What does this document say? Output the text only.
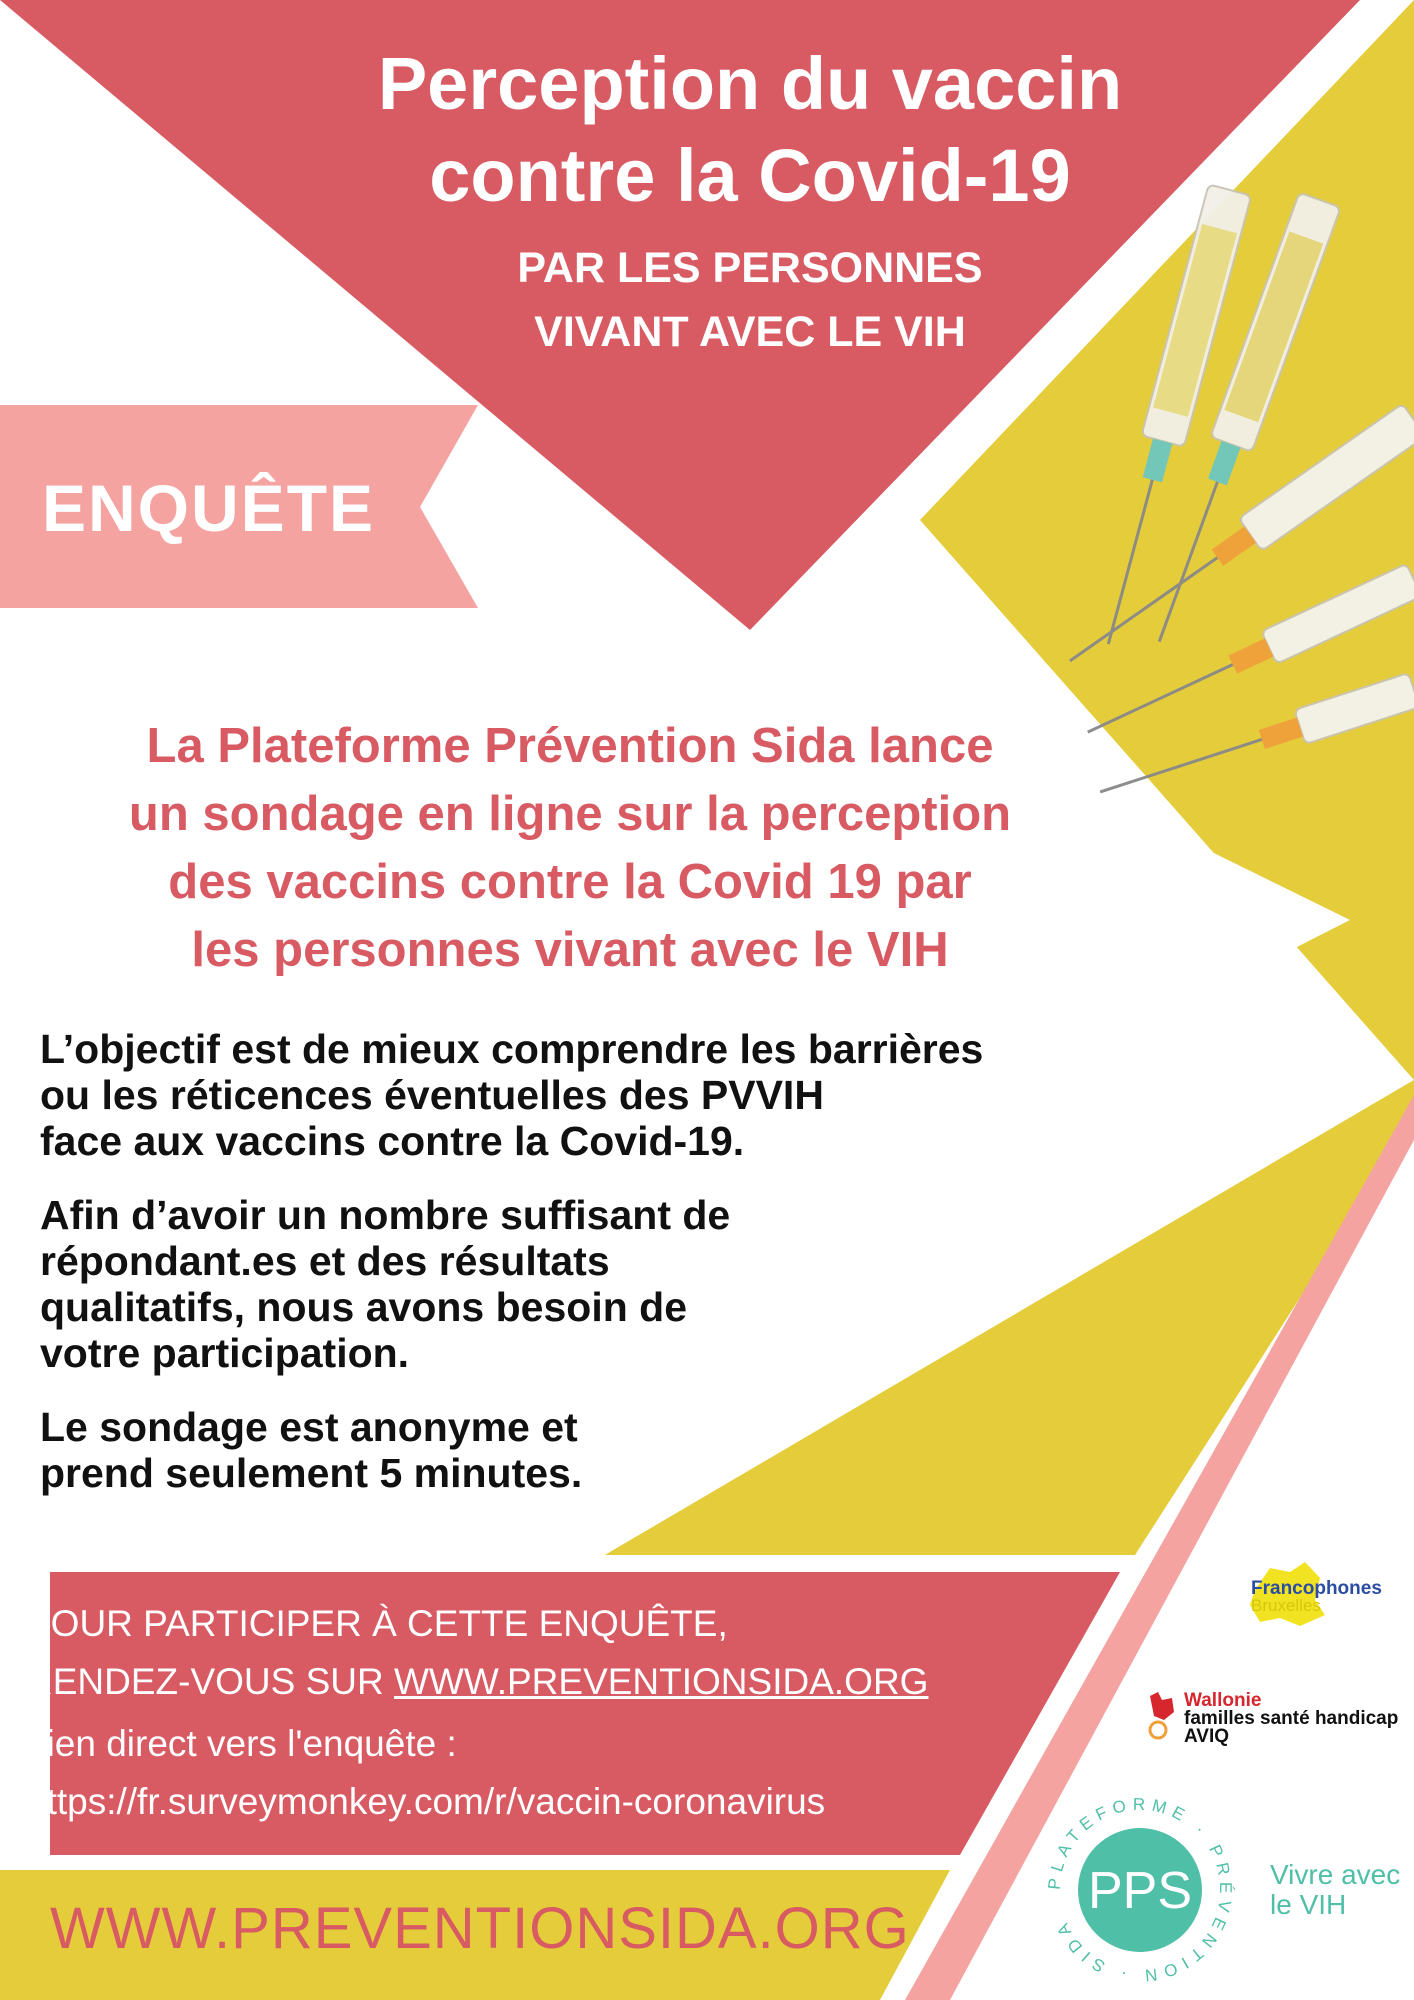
Perception du vaccin
contre la Covid-19
PAR LES PERSONNES
VIVANT AVEC LE VIH
ENQUÊTE
La Plateforme Prévention Sida lance
un sondage en ligne sur la perception
des vaccins contre la Covid 19 par
les personnes vivant avec le VIH
L’objectif est de mieux comprendre les barrières
ou les réticences éventuelles des PVVIH
face aux vaccins contre la Covid-19.
Afin d’avoir un nombre suffisant de
répondant.es et des résultats
qualitatifs, nous avons besoin de
votre participation.
Le sondage est anonyme et
prend seulement 5 minutes.
POUR PARTICIPER À CETTE ENQUÊTE,
RENDEZ-VOUS SUR WWW.PREVENTIONSIDA.ORG
Lien direct vers l'enquête :
https://fr.surveymonkey.com/r/vaccin-coronavirus
WWW.PREVENTIONSIDA.ORG
Francophones
Bruxelles
Wallonie
familles santé handicap
AVIQ
PLATEFORME · PRÉVENTION · SIDA
PPS	Vivre avec
le VIH
